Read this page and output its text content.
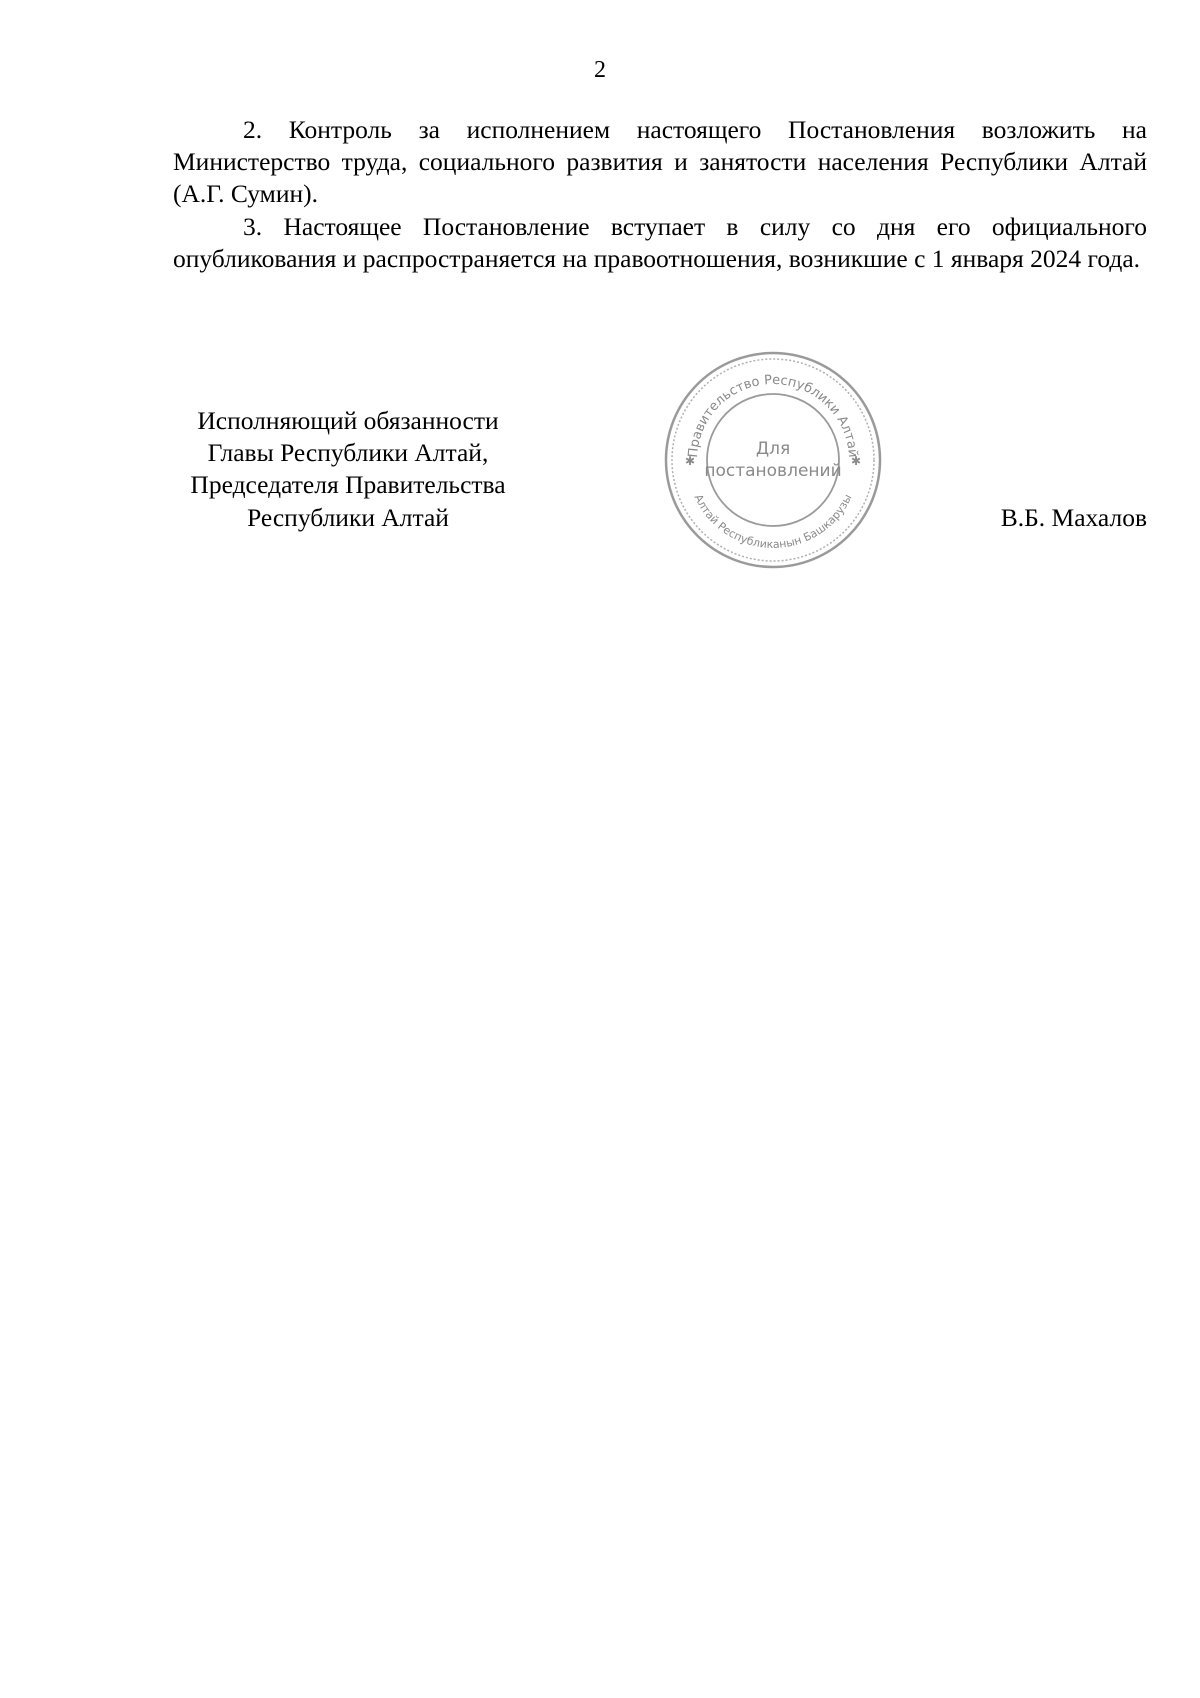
2

2. Контроль за исполнением настоящего Постановления возложить на Министерство труда, социального развития и занятости населения Республики Алтай (А.Г. Сумин).

3. Настоящее Постановление вступает в силу со дня его официального опубликования и распространяется на правоотношения, возникшие с 1 января 2024 года.

Исполняющий обязанности
Главы Республики Алтай,
Председателя Правительства
Республики Алтай
Правительство Республики Алтай
Алтай Республиканын Башкарузы
Для
постановлений
✱	✱
В.Б. Махалов
